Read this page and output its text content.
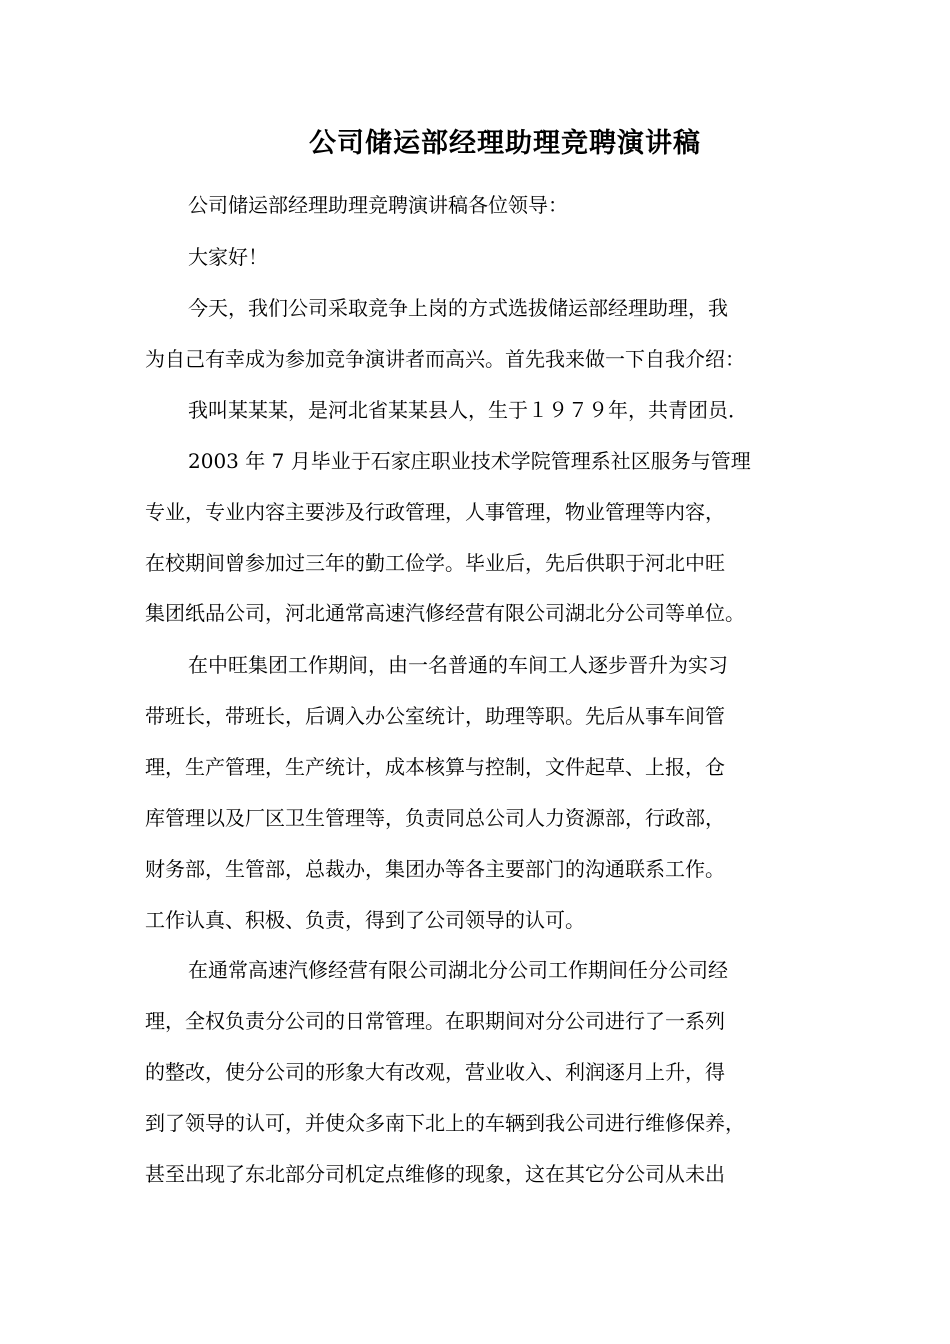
公司储运部经理助理竞聘演讲稿
公司储运部经理助理竞聘演讲稿各位领导：
大家好！
今天，我们公司采取竞争上岗的方式选拔储运部经理助理，我
为自己有幸成为参加竞争演讲者而高兴。首先我来做一下自我介绍：
我叫某某某，是河北省某某县人，生于１９７９年，共青团员．
2003 年 7 月毕业于石家庄职业技术学院管理系社区服务与管理
专业，专业内容主要涉及行政管理，人事管理，物业管理等内容，
在校期间曾参加过三年的勤工俭学。毕业后，先后供职于河北中旺
集团纸品公司，河北通常高速汽修经营有限公司湖北分公司等单位。
在中旺集团工作期间，由一名普通的车间工人逐步晋升为实习
带班长，带班长，后调入办公室统计，助理等职。先后从事车间管
理，生产管理，生产统计，成本核算与控制，文件起草、上报，仓
库管理以及厂区卫生管理等，负责同总公司人力资源部，行政部，
财务部，生管部，总裁办，集团办等各主要部门的沟通联系工作。
工作认真、积极、负责，得到了公司领导的认可。
在通常高速汽修经营有限公司湖北分公司工作期间任分公司经
理，全权负责分公司的日常管理。在职期间对分公司进行了一系列
的整改，使分公司的形象大有改观，营业收入、利润逐月上升，得
到了领导的认可，并使众多南下北上的车辆到我公司进行维修保养，
甚至出现了东北部分司机定点维修的现象，这在其它分公司从未出
